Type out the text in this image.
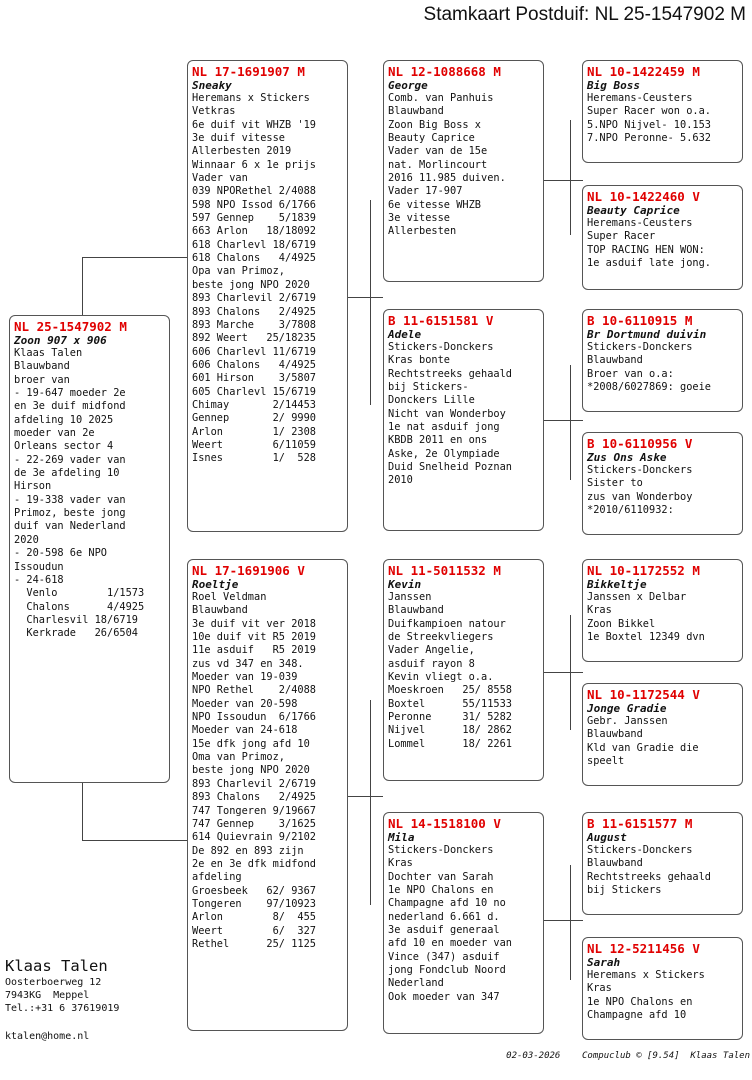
Stamkaart Postduif: NL 25-1547902 M
NL 25-1547902 M
Zoon 907 x 906
Klaas Talen
Blauwband
broer van
- 19-647 moeder 2e
en 3e duif midfond
afdeling 10 2025
moeder van 2e
Orleans sector 4
- 22-269 vader van
de 3e afdeling 10
Hirson
- 19-338 vader van
Primoz, beste jong
duif van Nederland
2020
- 20-598 6e NPO
Issoudun
- 24-618
Venlo        1/1573
Chalons      4/4925
Charlesvil 18/6719
Kerkrade   26/6504
NL 17-1691907 M
Sneaky
Heremans x Stickers
Vetkras
6e duif vit WHZB '19
3e duif vitesse
Allerbesten 2019
Winnaar 6 x 1e prijs
Vader van
039 NPORethel 2/4088
598 NPO Issod 6/1766
597 Gennep    5/1839
663 Arlon   18/18092
618 Charlevl 18/6719
618 Chalons   4/4925
Opa van Primoz,
beste jong NPO 2020
893 Charlevil 2/6719
893 Chalons   2/4925
893 Marche    3/7808
892 Weert   25/18235
606 Charlevl 11/6719
606 Chalons   4/4925
601 Hirson    3/5807
605 Charlevl 15/6719
Chimay       2/14453
Gennep       2/ 9990
Arlon        1/ 2308
Weert        6/11059
Isnes        1/  528
NL 17-1691906 V
Roeltje
Roel Veldman
Blauwband
3e duif vit ver 2018
10e duif vit R5 2019
11e asduif   R5 2019
zus vd 347 en 348.
Moeder van 19-039
NPO Rethel    2/4088
Moeder van 20-598
NPO Issoudun  6/1766
Moeder van 24-618
15e dfk jong afd 10
Oma van Primoz,
beste jong NPO 2020
893 Charlevil 2/6719
893 Chalons   2/4925
747 Tongeren 9/19667
747 Gennep    3/1625
614 Quievrain 9/2102
De 892 en 893 zijn
2e en 3e dfk midfond
afdeling
Groesbeek   62/ 9367
Tongeren    97/10923
Arlon        8/  455
Weert        6/  327
Rethel      25/ 1125
NL 12-1088668 M
George
Comb. van Panhuis
Blauwband
Zoon Big Boss x
Beauty Caprice
Vader van de 15e
nat. Morlincourt
2016 11.985 duiven.
Vader 17-907
6e vitesse WHZB
3e vitesse
Allerbesten
B 11-6151581 V
Adele
Stickers-Donckers
Kras bonte
Rechtstreeks gehaald
bij Stickers-
Donckers Lille
Nicht van Wonderboy
1e nat asduif jong
KBDB 2011 en ons
Aske, 2e Olympiade
Duid Snelheid Poznan
2010
NL 11-5011532 M
Kevin
Janssen
Blauwband
Duifkampioen natour
de Streekvliegers
Vader Angelie,
asduif rayon 8
Kevin vliegt o.a.
Moeskroen   25/ 8558
Boxtel      55/11533
Peronne     31/ 5282
Nijvel      18/ 2862
Lommel      18/ 2261
NL 14-1518100 V
Mila
Stickers-Donckers
Kras
Dochter van Sarah
1e NPO Chalons en
Champagne afd 10 no
nederland 6.661 d.
3e asduif generaal
afd 10 en moeder van
Vince (347) asduif
jong Fondclub Noord
Nederland
Ook moeder van 347
NL 10-1422459 M
Big Boss
Heremans-Ceusters
Super Racer won o.a.
5.NPO Nijvel- 10.153
7.NPO Peronne- 5.632
NL 10-1422460 V
Beauty Caprice
Heremans-Ceusters
Super Racer
TOP RACING HEN WON:
1e asduif late jong.
B 10-6110915 M
Br Dortmund duivin
Stickers-Donckers
Blauwband
Broer van o.a:
*2008/6027869: goeie
B 10-6110956 V
Zus Ons Aske
Stickers-Donckers
Sister to
zus van Wonderboy
*2010/6110932:
NL 10-1172552 M
Bikkeltje
Janssen x Delbar
Kras
Zoon Bikkel
1e Boxtel 12349 dvn
NL 10-1172544 V
Jonge Gradie
Gebr. Janssen
Blauwband
Kld van Gradie die
speelt
B 11-6151577 M
August
Stickers-Donckers
Blauwband
Rechtstreeks gehaald
bij Stickers
NL 12-5211456 V
Sarah
Heremans x Stickers
Kras
1e NPO Chalons en
Champagne afd 10
Klaas Talen
Oosterboerweg 12
7943KG  Meppel
Tel.:+31 6 37619019
ktalen@home.nl
02-03-2026    Compuclub © [9.54]  Klaas Talen
